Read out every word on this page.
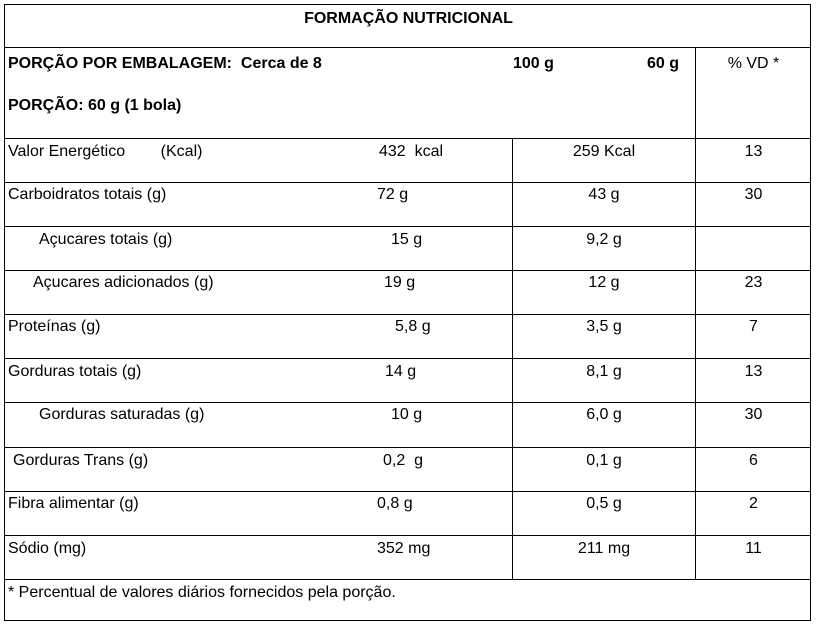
FORMAÇÃO NUTRICIONAL
PORÇÃO POR EMBALAGEM:  Cerca de 8	100 g	60 g	% VD *
PORÇÃO: 60 g (1 bola)
Valor Energético        (Kcal)	432  kcal	259 Kcal	13
Carboidratos totais (g)	72 g	43 g	30
Açucares totais (g)	15 g	9,2 g
Açucares adicionados (g)	19 g	12 g	23
Proteínas (g)	5,8 g	3,5 g	7
Gorduras totais (g)	14 g	8,1 g	13
Gorduras saturadas (g)	10 g	6,0 g	30
Gorduras Trans (g)	0,2  g	0,1 g	6
Fibra alimentar (g)	0,8 g	0,5 g	2
Sódio (mg)	352 mg	211 mg	11
* Percentual de valores diários fornecidos pela porção.
